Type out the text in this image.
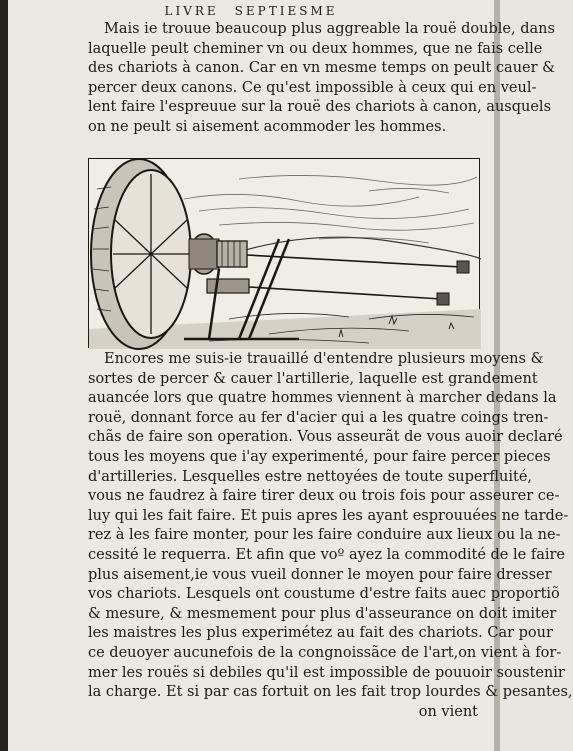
LIVRE SEPTIESME
Mais ie trouue beaucoup plus aggreable la rouë double, dans
laquelle peult cheminer vn ou deux hommes, que ne fais celle
des chariots à canon. Car en vn mesme temps on peult cauer &
percer deux canons. Ce qu'est impossible à ceux qui en veul-
lent faire l'espreuue sur la rouë des chariots à canon, ausquels
on ne peult si aisement acommoder les hommes.
Encores me suis-ie trauaillé d'entendre plusieurs moyens &
sortes de percer & cauer l'artillerie, laquelle est grandement
auancée lors que quatre hommes viennent à marcher dedans la
rouë, donnant force au fer d'acier qui a les quatre coings tren-
chãs de faire son operation. Vous asseurãt de vous auoir declaré
tous les moyens que i'ay experimenté, pour faire percer pieces
d'artilleries. Lesquelles estre nettoyées de toute superfluité,
vous ne faudrez à faire tirer deux ou trois fois pour asseurer ce-
luy qui les fait faire. Et puis apres les ayant esprouuées ne tarde-
rez à les faire monter, pour les faire conduire aux lieux ou la ne-
cessité le requerra. Et afin que voº ayez la commodité de le faire
plus aisement,ie vous vueil donner le moyen pour faire dresser
vos chariots. Lesquels ont coustume d'estre faits auec proportiõ
& mesure, & mesmement pour plus d'asseurance on doit imiter
les maistres les plus experimétez au fait des chariots. Car pour
ce deuoyer aucunefois de la congnoissãce de l'art,on vient à for-
mer les rouës si debiles qu'il est impossible de pouuoir soustenir
la charge. Et si par cas fortuit on les fait trop lourdes & pesantes,
on vient
